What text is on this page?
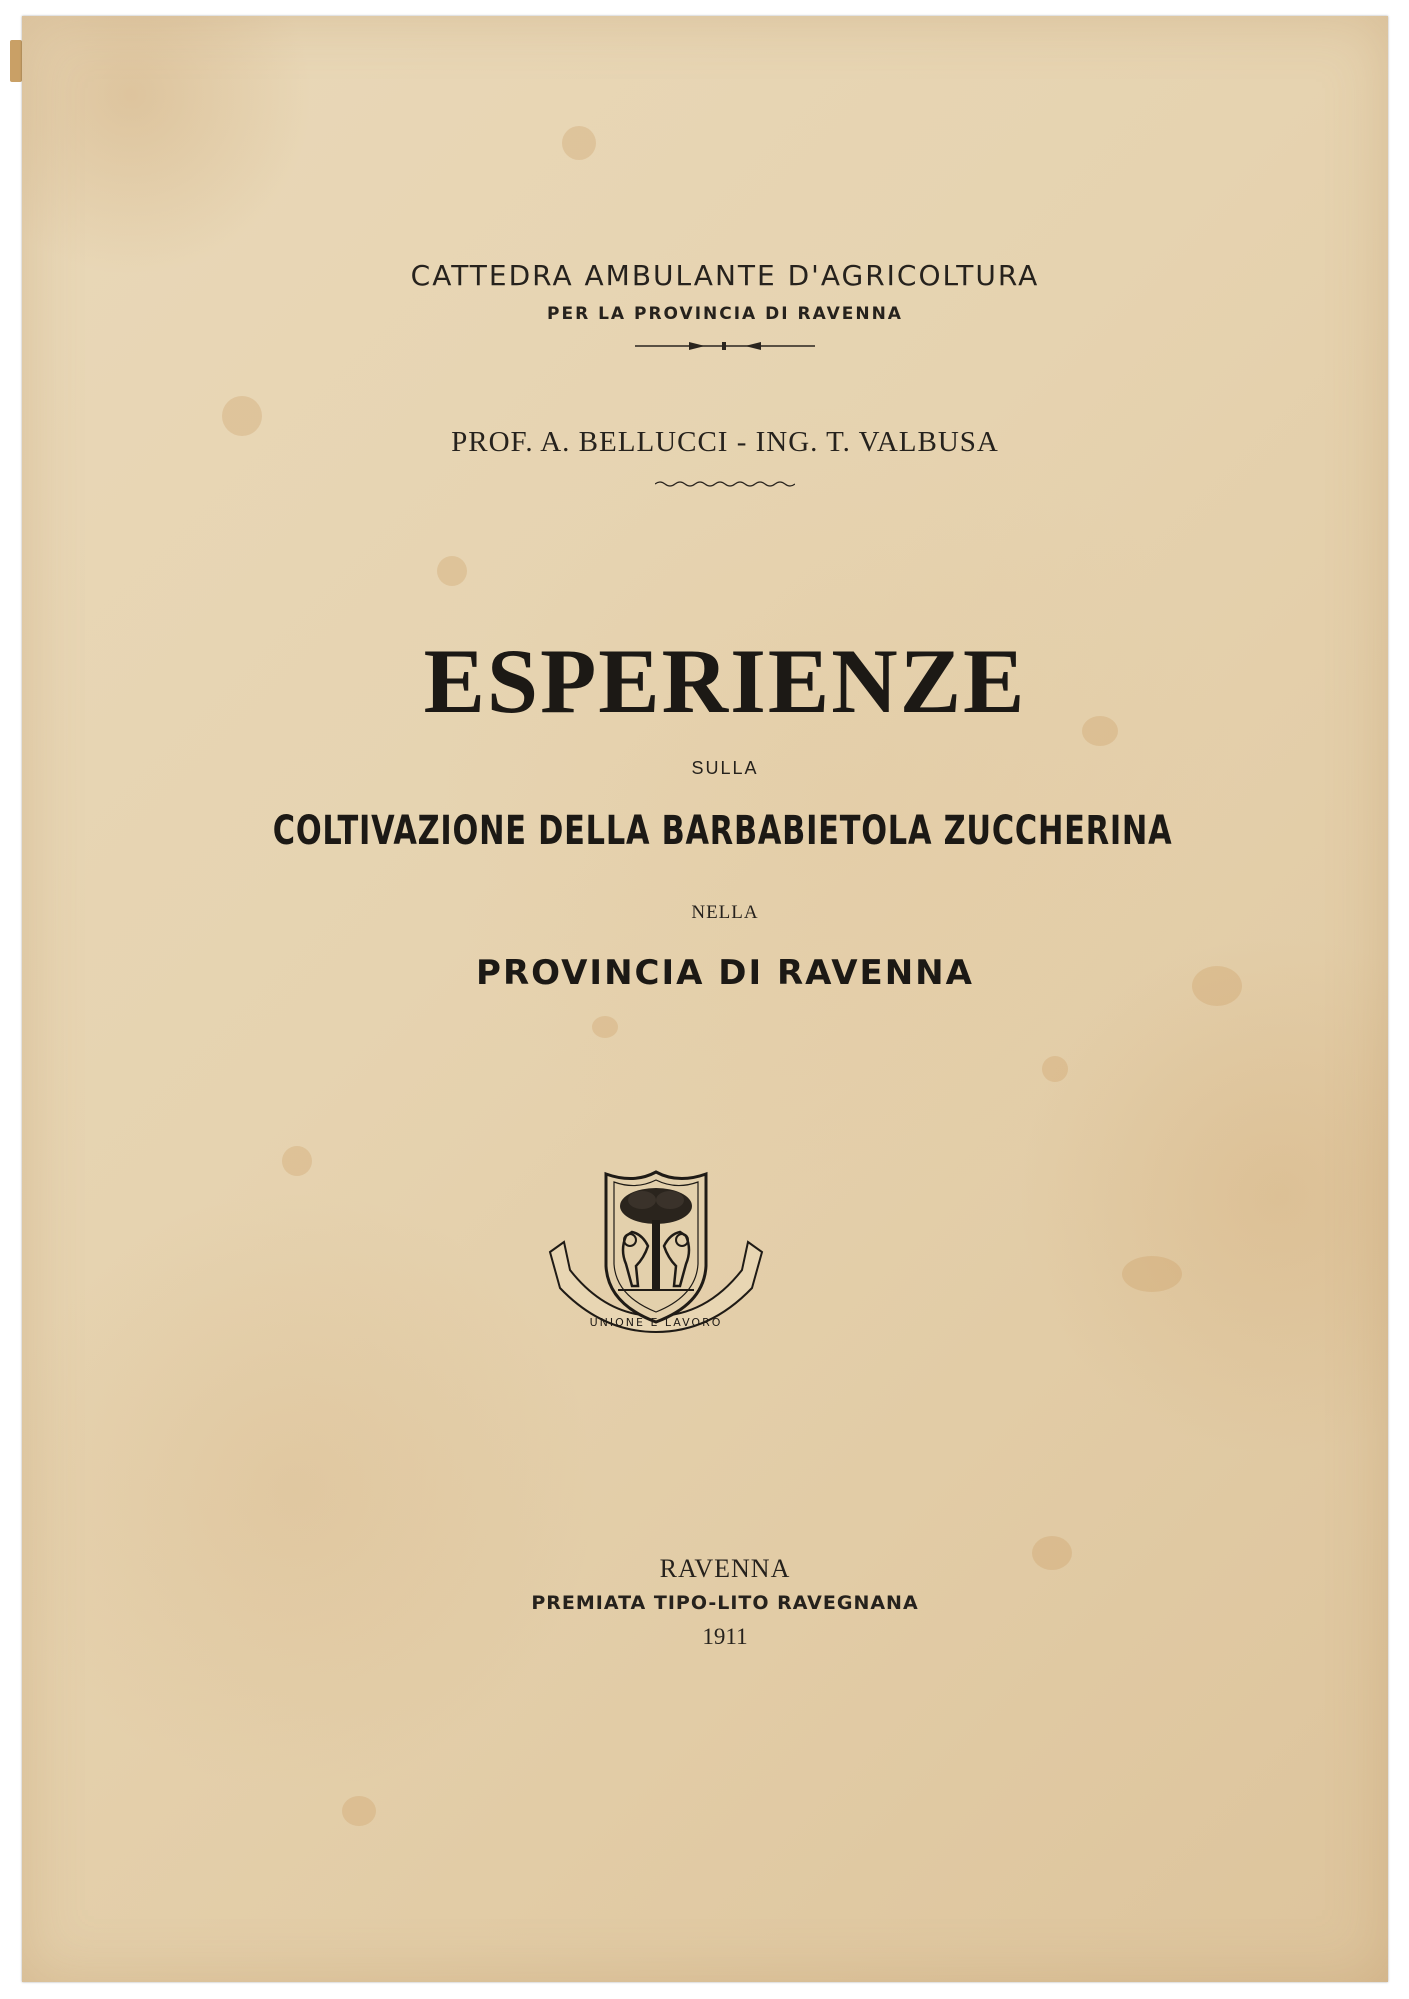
CATTEDRA AMBULANTE D'AGRICOLTURA
PER LA PROVINCIA DI RAVENNA
PROF. A. BELLUCCI - ING. T. VALBUSA
ESPERIENZE
SULLA
COLTIVAZIONE DELLA BARBABIETOLA ZUCCHERINA
NELLA
PROVINCIA DI RAVENNA
UNIONE E LAVORO
RAVENNA
PREMIATA TIPO-LITO RAVEGNANA
1911
